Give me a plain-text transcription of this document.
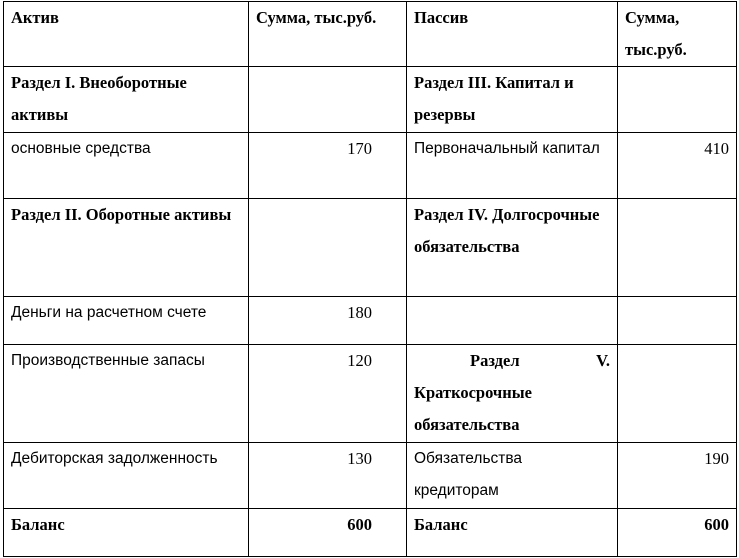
Актив	Сумма, тыс.руб.	Пассив	Сумма, тыс.руб.
Раздел I. Внеоборотные активы		Раздел III. Капитал и резервы	
основные средства	170	Первоначальный капитал	410
Раздел II. Оборотные активы		Раздел IV. Долгосрочные обязательства	
Деньги на расчетном счете	180		
Производственные запасы	120	Раздел V.
Краткосрочные обязательства	

Дебиторская задолженность	130	Обязательства кредиторам	190
Баланс	600	Баланс	600
